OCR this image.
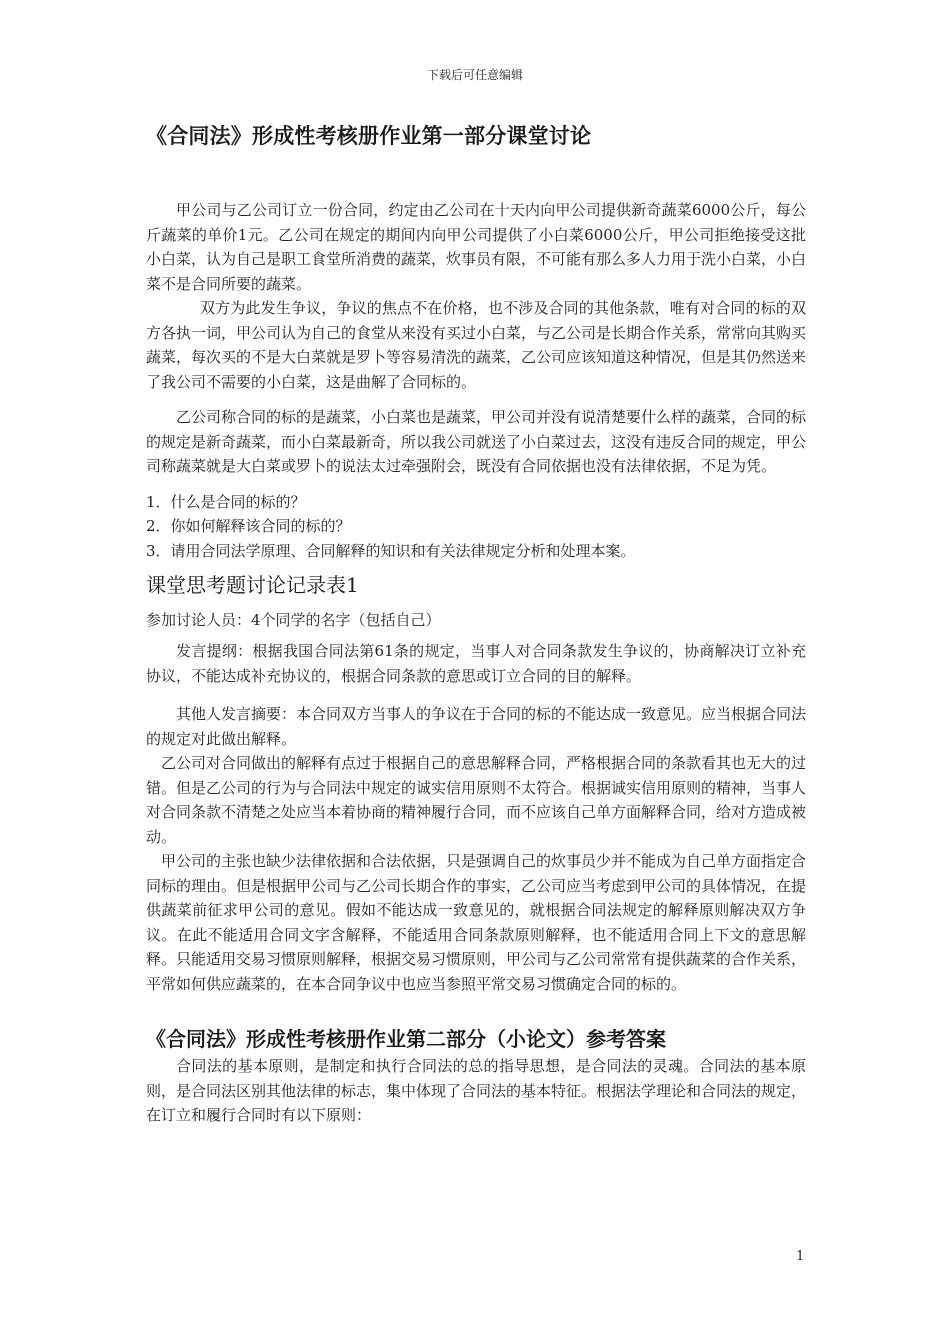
下载后可任意编辑
《合同法》形成性考核册作业第一部分课堂讨论

甲公司与乙公司订立一份合同，约定由乙公司在十天内向甲公司提供新奇蔬菜6000公斤，每公斤蔬菜的单价1元。乙公司在规定的期间内向甲公司提供了小白菜6000公斤，甲公司拒绝接受这批小白菜，认为自己是职工食堂所消费的蔬菜，炊事员有限，不可能有那么多人力用于洗小白菜，小白菜不是合同所要的蔬菜。

双方为此发生争议，争议的焦点不在价格，也不涉及合同的其他条款，唯有对合同的标的双方各执一词，甲公司认为自己的食堂从来没有买过小白菜，与乙公司是长期合作关系，常常向其购买蔬菜，每次买的不是大白菜就是罗卜等容易清洗的蔬菜，乙公司应该知道这种情况，但是其仍然送来了我公司不需要的小白菜，这是曲解了合同标的。

乙公司称合同的标的是蔬菜，小白菜也是蔬菜，甲公司并没有说清楚要什么样的蔬菜，合同的标的规定是新奇蔬菜，而小白菜最新奇，所以我公司就送了小白菜过去，这没有违反合同的规定，甲公司称蔬菜就是大白菜或罗卜的说法太过牵强附会，既没有合同依据也没有法律依据，不足为凭。

1．什么是合同的标的？
2．你如何解释该合同的标的？
3．请用合同法学原理、合同解释的知识和有关法律规定分析和处理本案。
课堂思考题讨论记录表1

参加讨论人员：4个同学的名字（包括自己）

发言提纲：根据我国合同法第61条的规定，当事人对合同条款发生争议的，协商解决订立补充协议，不能达成补充协议的，根据合同条款的意思或订立合同的目的解释。

其他人发言摘要：本合同双方当事人的争议在于合同的标的不能达成一致意见。应当根据合同法的规定对此做出解释。

乙公司对合同做出的解释有点过于根据自己的意思解释合同，严格根据合同的条款看其也无大的过错。但是乙公司的行为与合同法中规定的诚实信用原则不太符合。根据诚实信用原则的精神，当事人对合同条款不清楚之处应当本着协商的精神履行合同，而不应该自己单方面解释合同，给对方造成被动。

甲公司的主张也缺少法律依据和合法依据，只是强调自己的炊事员少并不能成为自己单方面指定合同标的理由。但是根据甲公司与乙公司长期合作的事实，乙公司应当考虑到甲公司的具体情况，在提供蔬菜前征求甲公司的意见。假如不能达成一致意见的，就根据合同法规定的解释原则解决双方争议。在此不能适用合同文字含解释，不能适用合同条款原则解释，也不能适用合同上下文的意思解释。只能适用交易习惯原则解释，根据交易习惯原则，甲公司与乙公司常常有提供蔬菜的合作关系，平常如何供应蔬菜的，在本合同争议中也应当参照平常交易习惯确定合同的标的。

《合同法》形成性考核册作业第二部分（小论文）参考答案

合同法的基本原则，是制定和执行合同法的总的指导思想，是合同法的灵魂。合同法的基本原则，是合同法区别其他法律的标志，集中体现了合同法的基本特征。根据法学理论和合同法的规定，在订立和履行合同时有以下原则：

1
